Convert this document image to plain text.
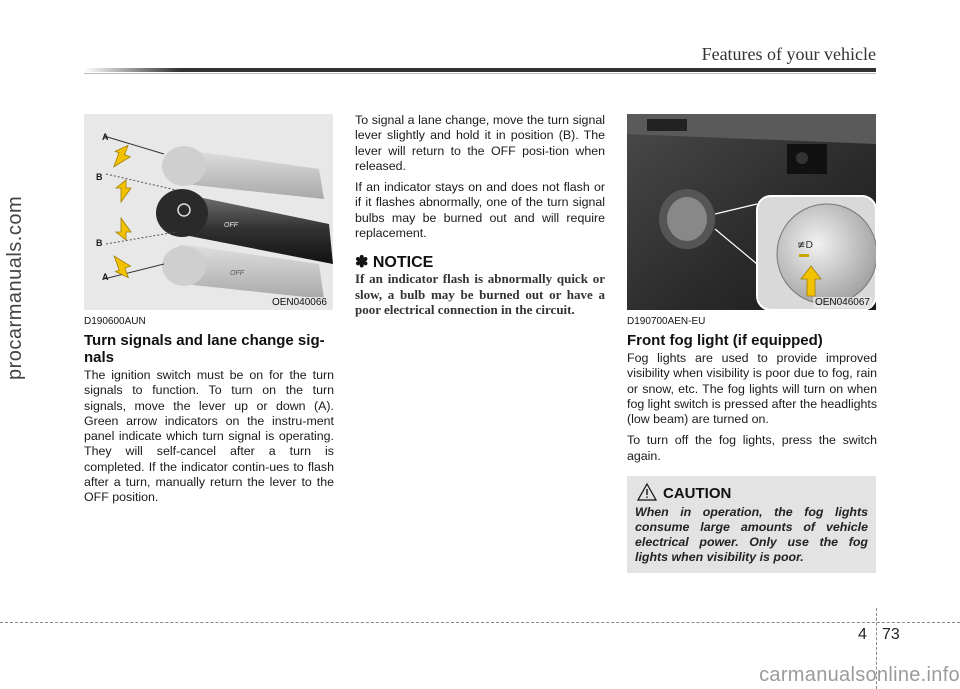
Features of your vehicle
procarmanuals.com
A
B
B
A
OFF
OFF
OEN040066
D190600AUN
Turn signals and lane change sig-nals

The ignition switch must be on for the turn signals to function. To turn on the turn signals, move the lever up or down (A). Green arrow indicators on the instru-ment panel indicate which turn signal is operating. They will self-cancel after a turn is completed. If the indicator contin-ues to flash after a turn, manually return the lever to the OFF position.

To signal a lane change, move the turn signal lever slightly and hold it in position (B). The lever will return to the OFF posi-tion when released.

If an indicator stays on and does not flash or if it flashes abnormally, one of the turn signal bulbs may be burned out and will require replacement.

✽ NOTICE
If an indicator flash is abnormally quick or slow, a bulb may be burned out or have a poor electrical connection in the circuit.
≢D
OEN046067
D190700AEN-EU
Front fog light (if equipped)

Fog lights are used to provide improved visibility when visibility is poor due to fog, rain or snow, etc. The fog lights will turn on when fog light switch is pressed after the headlights (low beam) are turned on.

To turn off the fog lights, press the switch again.

CAUTION
When in operation, the fog lights consume large amounts of vehicle electrical power. Only use the fog lights when visibility is poor.
4 73
carmanualsonline.info
